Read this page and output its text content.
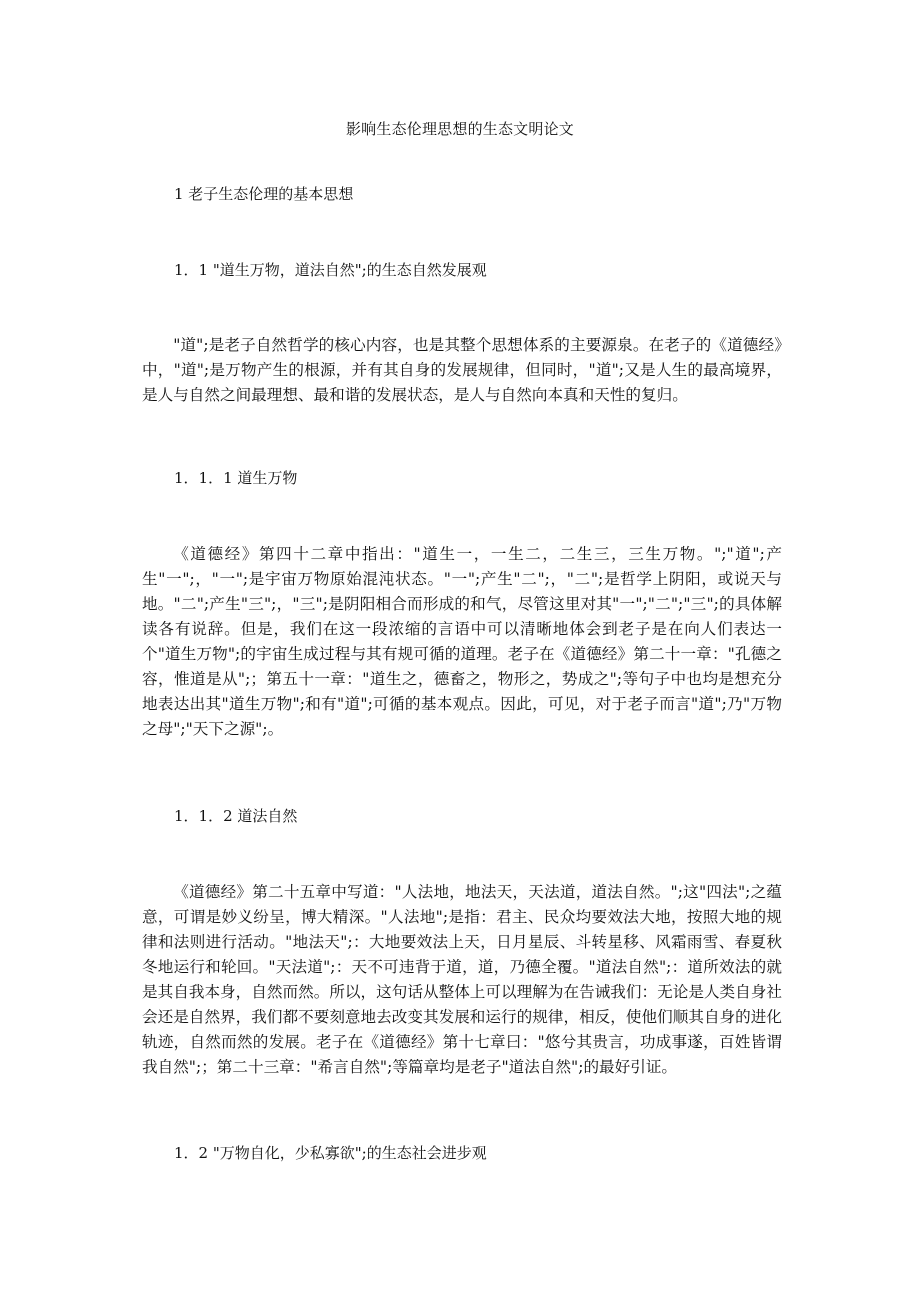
影响生态伦理思想的生态文明论文
1 老子生态伦理的基本思想
1．1 "道生万物，道法自然";的生态自然发展观

"道";是老子自然哲学的核心内容，也是其整个思想体系的主要源泉。在老子的《道德经》中，"道";是万物产生的根源，并有其自身的发展规律，但同时，"道";又是人生的最高境界，是人与自然之间最理想、最和谐的发展状态，是人与自然向本真和天性的复归。

1．1．1 道生万物

《道德经》第四十二章中指出："道生一，一生二，二生三，三生万物。";"道";产生"一";，"一";是宇宙万物原始混沌状态。"一";产生"二";，"二";是哲学上阴阳，或说天与地。"二";产生"三";，"三";是阴阳相合而形成的和气，尽管这里对其"一";"二";"三";的具体解读各有说辞。但是，我们在这一段浓缩的言语中可以清晰地体会到老子是在向人们表达一个"道生万物";的宇宙生成过程与其有规可循的道理。老子在《道德经》第二十一章："孔德之容，惟道是从";；第五十一章："道生之，德畜之，物形之，势成之";等句子中也均是想充分地表达出其"道生万物";和有"道";可循的基本观点。因此，可见，对于老子而言"道";乃"万物之母";"天下之源";。

1．1．2 道法自然

《道德经》第二十五章中写道："人法地，地法天，天法道，道法自然。";这"四法";之蕴意，可谓是妙义纷呈，博大精深。"人法地";是指：君主、民众均要效法大地，按照大地的规律和法则进行活动。"地法天";：大地要效法上天，日月星辰、斗转星移、风霜雨雪、春夏秋冬地运行和轮回。"天法道";：天不可违背于道，道，乃德全覆。"道法自然";：道所效法的就是其自我本身，自然而然。所以，这句话从整体上可以理解为在告诫我们：无论是人类自身社会还是自然界，我们都不要刻意地去改变其发展和运行的规律，相反，使他们顺其自身的进化轨迹，自然而然的发展。老子在《道德经》第十七章曰："悠兮其贵言，功成事遂，百姓皆谓我自然";；第二十三章："希言自然";等篇章均是老子"道法自然";的最好引证。

1．2 "万物自化，少私寡欲";的生态社会进步观
